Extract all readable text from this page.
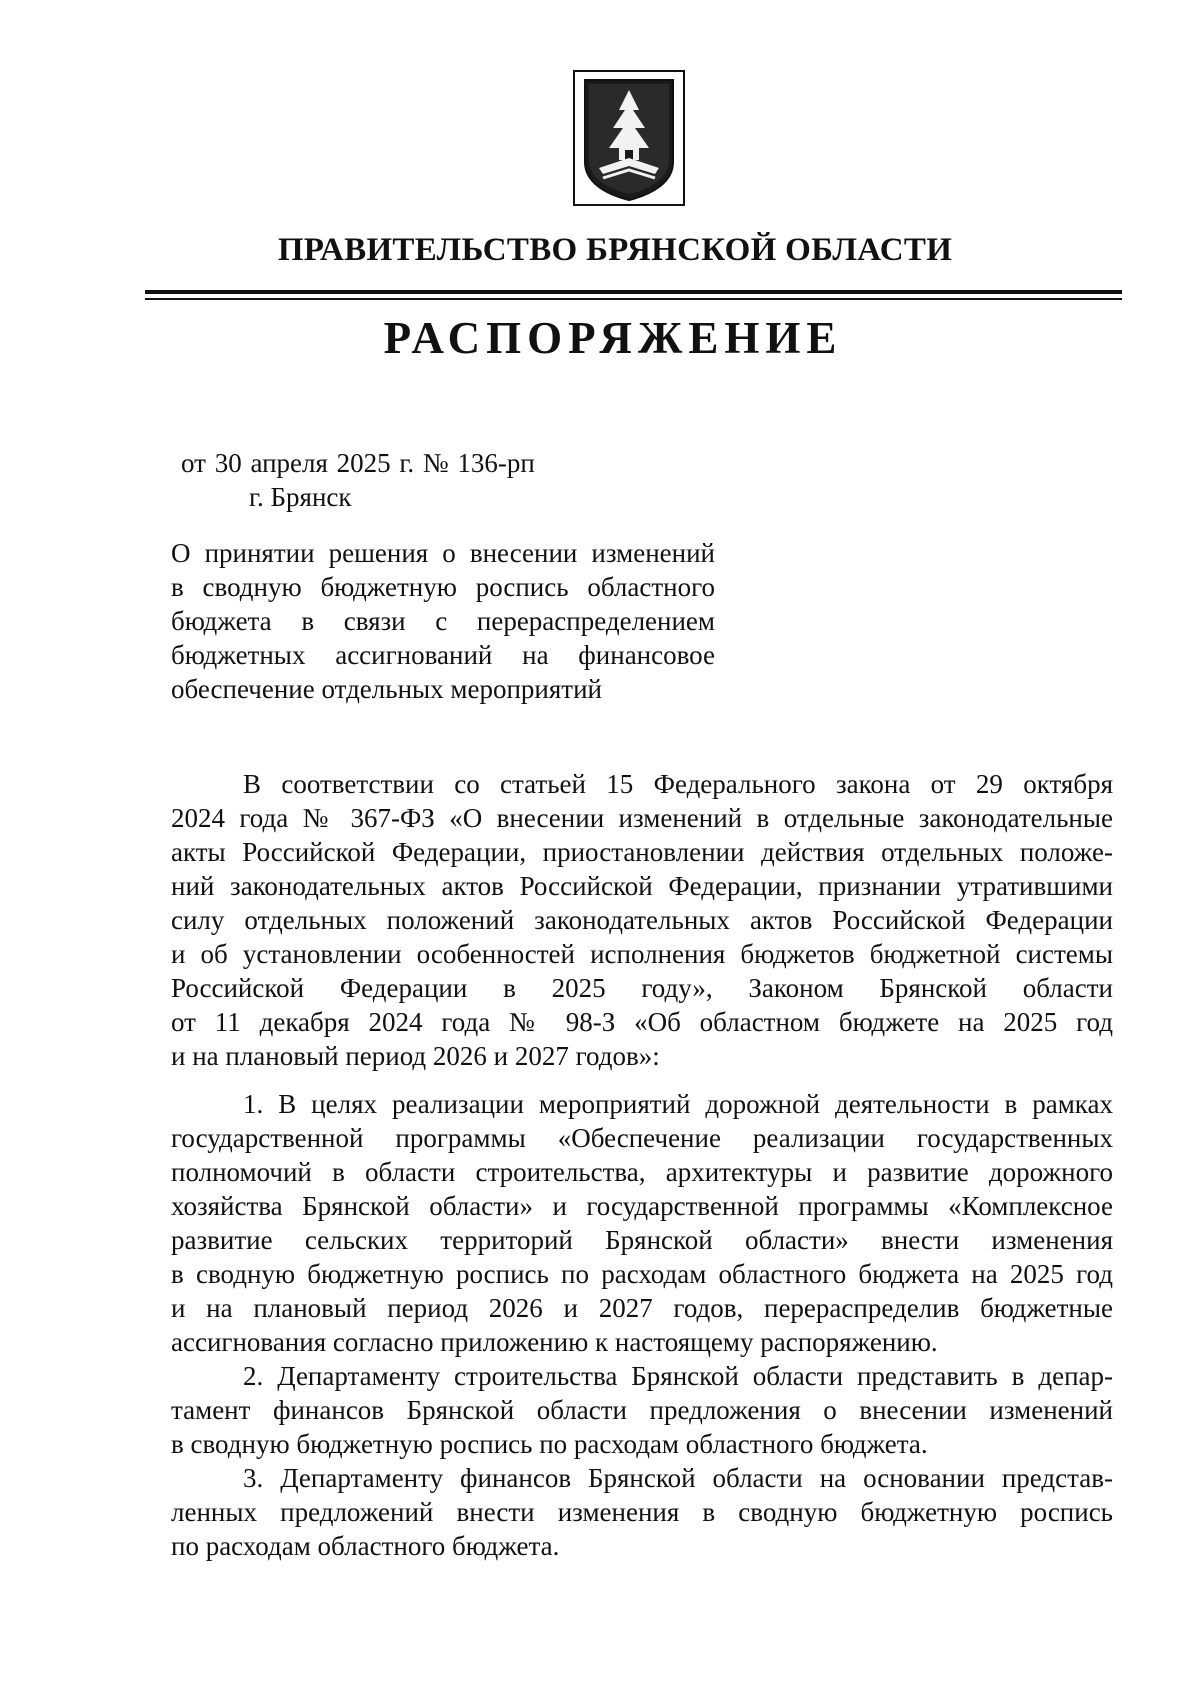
ПРАВИТЕЛЬСТВО БРЯНСКОЙ ОБЛАСТИ
РАСПОРЯЖЕНИЕ
от 30 апреля 2025 г. № 136-рп
г. Брянск
О принятии решения о внесении изменений
в сводную бюджетную роспись областного
бюджета в связи с перераспределением
бюджетных ассигнований на финансовое
обеспечение отдельных мероприятий
В соответствии со статьей 15 Федерального закона от 29 октября
2024 года № 367-ФЗ «О внесении изменений в отдельные законодательные
акты Российской Федерации, приостановлении действия отдельных положе-
ний законодательных актов Российской Федерации, признании утратившими
силу отдельных положений законодательных актов Российской Федерации
и об установлении особенностей исполнения бюджетов бюджетной системы
Российской Федерации в 2025 году», Законом Брянской области
от 11 декабря 2024 года № 98-З «Об областном бюджете на 2025 год
и на плановый период 2026 и 2027 годов»:
1. В целях реализации мероприятий дорожной деятельности в рамках
государственной программы «Обеспечение реализации государственных
полномочий в области строительства, архитектуры и развитие дорожного
хозяйства Брянской области» и государственной программы «Комплексное
развитие сельских территорий Брянской области» внести изменения
в сводную бюджетную роспись по расходам областного бюджета на 2025 год
и на плановый период 2026 и 2027 годов, перераспределив бюджетные
ассигнования согласно приложению к настоящему распоряжению.
2. Департаменту строительства Брянской области представить в депар-
тамент финансов Брянской области предложения о внесении изменений
в сводную бюджетную роспись по расходам областного бюджета.
3. Департаменту финансов Брянской области на основании представ-
ленных предложений внести изменения в сводную бюджетную роспись
по расходам областного бюджета.
